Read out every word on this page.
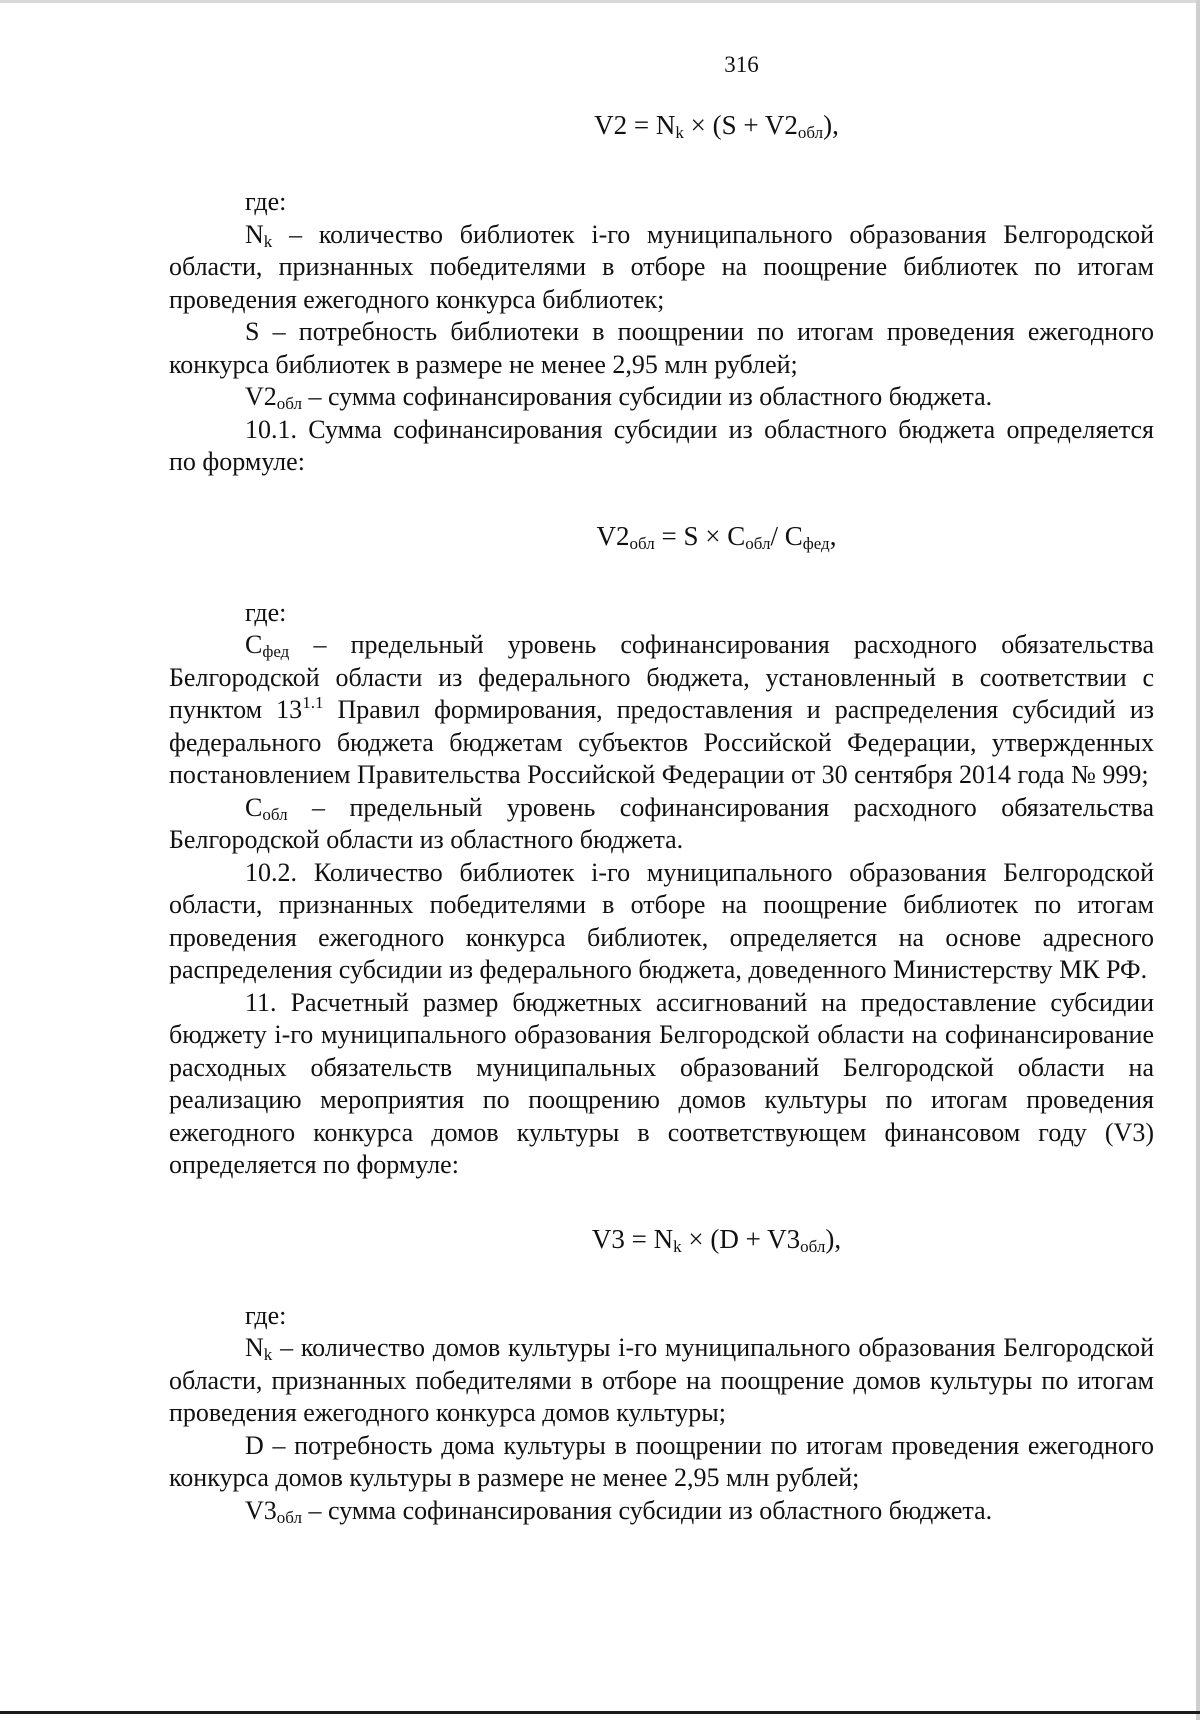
316
$V2 = N_k \times (S + V2_{обл})$,

где:

$N_k$ – количество библиотек i-го муниципального образования Белгородской области, признанных победителями в отборе на поощрение библиотек по итогам проведения ежегодного конкурса библиотек;

S – потребность библиотеки в поощрении по итогам проведения ежегодного конкурса библиотек в размере не менее 2,95 млн рублей;

$V2_{обл}$ – сумма софинансирования субсидии из областного бюджета.

10.1. Сумма софинансирования субсидии из областного бюджета определяется по формуле:

$V2_{обл} = S \times C_{обл}/$ $C_{фед}$,

где:

$C_{фед}$ – предельный уровень софинансирования расходного обязательства Белгородской области из федерального бюджета, установленный в соответствии с пунктом $13^{1.1}$ Правил формирования, предоставления и распределения субсидий из федерального бюджета бюджетам субъектов Российской Федерации, утвержденных постановлением Правительства Российской Федерации от 30 сентября 2014 года № 999;

$C_{обл}$ – предельный уровень софинансирования расходного обязательства Белгородской области из областного бюджета.

10.2. Количество библиотек i-го муниципального образования Белгородской области, признанных победителями в отборе на поощрение библиотек по итогам проведения ежегодного конкурса библиотек, определяется на основе адресного распределения субсидии из федерального бюджета, доведенного Министерству МК РФ.

11. Расчетный размер бюджетных ассигнований на предоставление субсидии бюджету i-го муниципального образования Белгородской области на софинансирование расходных обязательств муниципальных образований Белгородской области на реализацию мероприятия по поощрению домов культуры по итогам проведения ежегодного конкурса домов культуры в соответствующем финансовом году (V3) определяется по формуле:

$V3 = N_k \times (D + V3_{обл})$,

где:

$N_k$ – количество домов культуры i-го муниципального образования Белгородской области, признанных победителями в отборе на поощрение домов культуры по итогам проведения ежегодного конкурса домов культуры;

D – потребность дома культуры в поощрении по итогам проведения ежегодного конкурса домов культуры в размере не менее 2,95 млн рублей;

$V3_{обл}$ – сумма софинансирования субсидии из областного бюджета.
